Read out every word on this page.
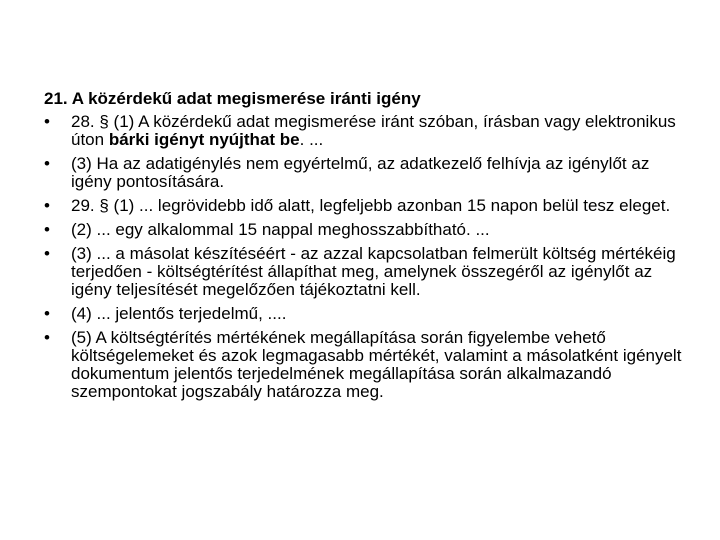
21. A közérdekű adat megismerése iránti igény
• 28. § (1) A közérdekű adat megismerése iránt szóban, írásban vagy elektronikus úton bárki igényt nyújthat be. ...
• (3) Ha az adatigénylés nem egyértelmű, az adatkezelő felhívja az igénylőt az igény pontosítására.
• 29. § (1) ... legrövidebb idő alatt, legfeljebb azonban 15 napon belül tesz eleget.
• (2) ... egy alkalommal 15 nappal meghosszabbítható. ...
• (3) ... a másolat készítéséért - az azzal kapcsolatban felmerült költség mértékéig terjedően - költségtérítést állapíthat meg, amelynek összegéről az igénylőt az igény teljesítését megelőzően tájékoztatni kell.
• (4) ... jelentős terjedelmű, ....
• (5) A költségtérítés mértékének megállapítása során figyelembe vehető költségelemeket és azok legmagasabb mértékét, valamint a másolatként igényelt dokumentum jelentős terjedelmének megállapítása során alkalmazandó szempontokat jogszabály határozza meg.
